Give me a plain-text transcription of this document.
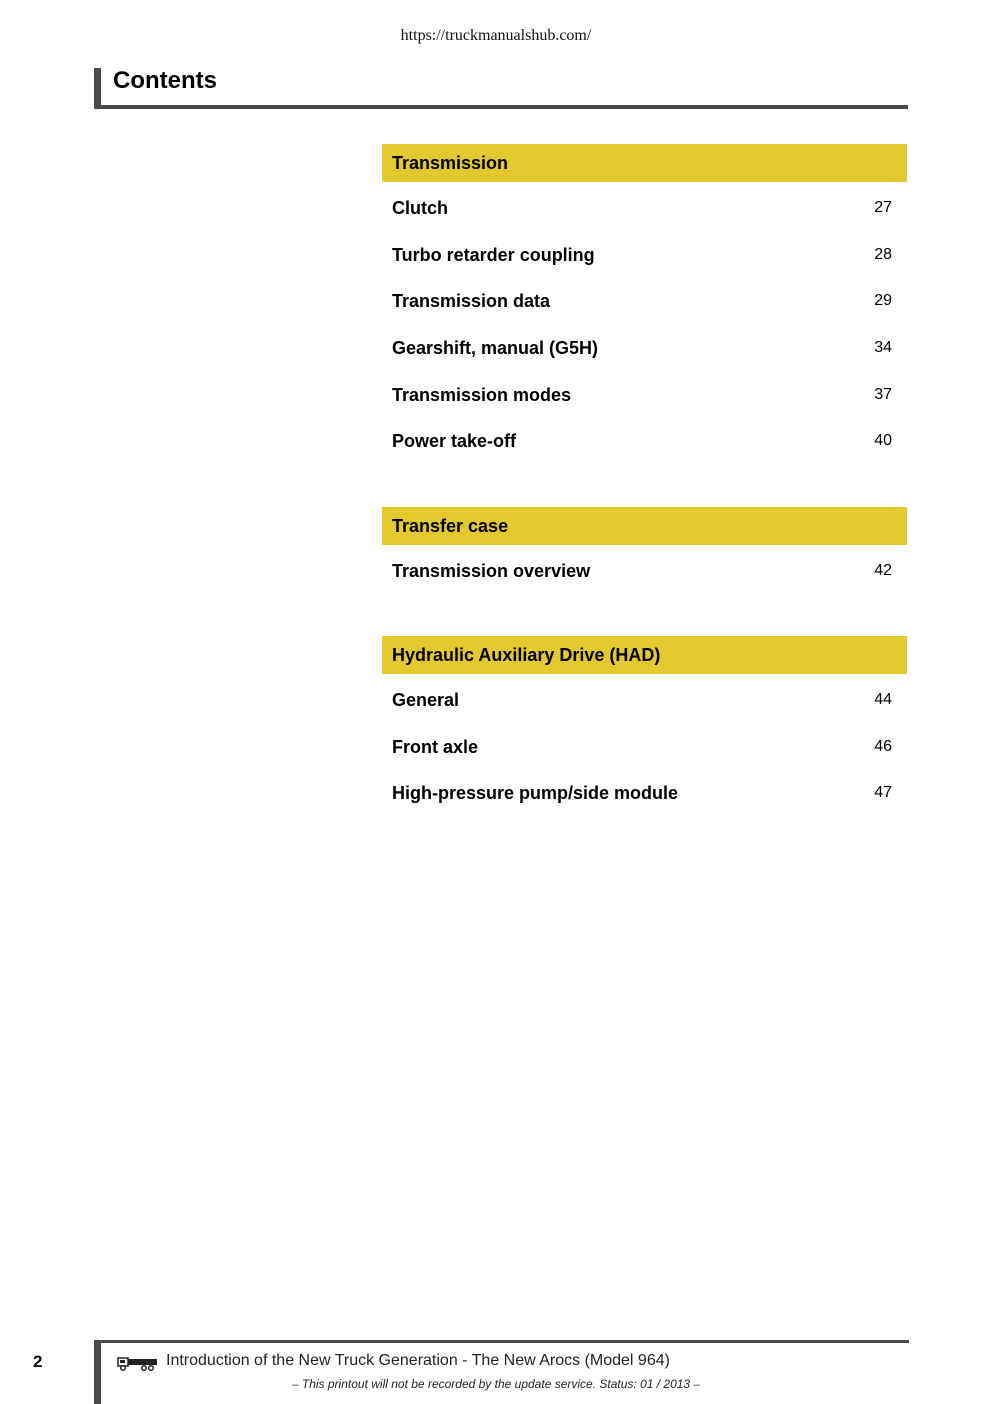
https://truckmanualshub.com/
Contents
Transmission
Clutch	27
Turbo retarder coupling	28
Transmission data	29
Gearshift, manual (G5H)	34
Transmission modes	37
Power take-off	40
Transfer case
Transmission overview	42
Hydraulic Auxiliary Drive (HAD)
General	44
Front axle	46
High-pressure pump/side module	47
2	Introduction of the New Truck Generation - The New Arocs (Model 964)
– This printout will not be recorded by the update service. Status: 01 / 2013 –
